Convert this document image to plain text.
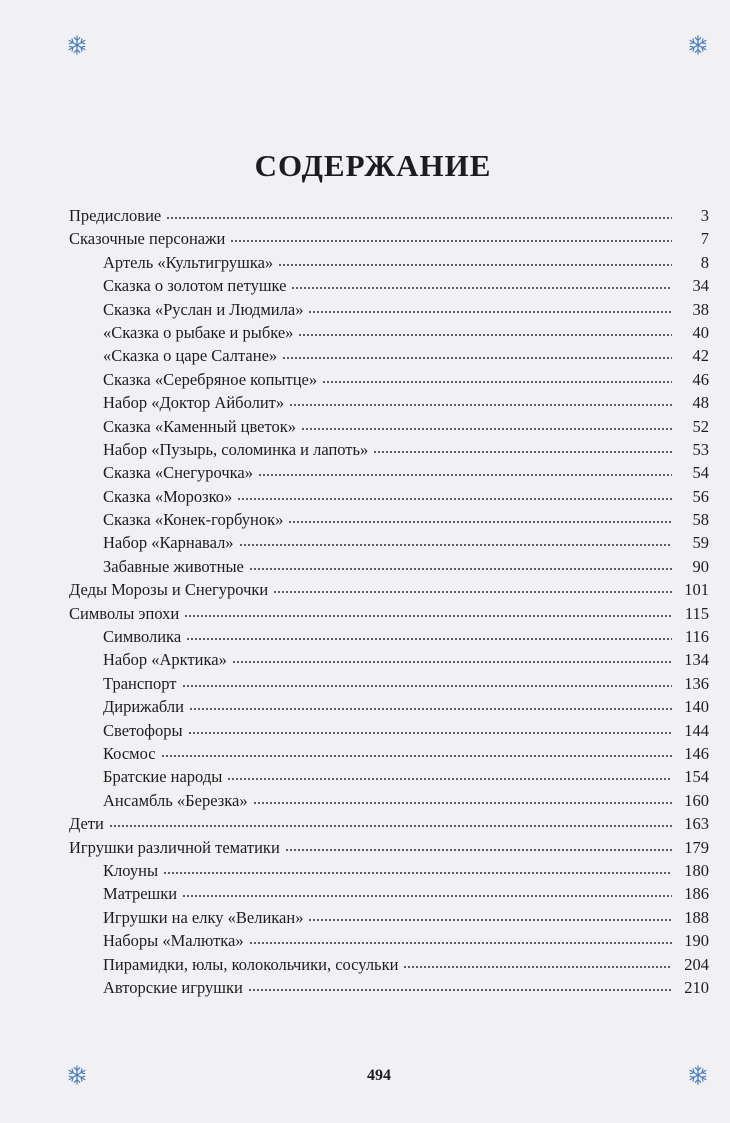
СОДЕРЖАНИЕ
Предисловие	3
Сказочные персонажи	7
Артель «Культигрушка»	8
Сказка о золотом петушке	34
Сказка «Руслан и Людмила»	38
«Сказка о рыбаке и рыбке»	40
«Сказка о царе Салтане»	42
Сказка «Серебряное копытце»	46
Набор «Доктор Айболит»	48
Сказка «Каменный цветок»	52
Набор «Пузырь, соломинка и лапоть»	53
Сказка «Снегурочка»	54
Сказка «Морозко»	56
Сказка «Конек-горбунок»	58
Набор «Карнавал»	59
Забавные животные	90
Деды Морозы и Снегурочки	101
Символы эпохи	115
Символика	116
Набор «Арктика»	134
Транспорт	136
Дирижабли	140
Светофоры	144
Космос	146
Братские народы	154
Ансамбль «Березка»	160
Дети	163
Игрушки различной тематики	179
Клоуны	180
Матрешки	186
Игрушки на елку «Великан»	188
Наборы «Малютка»	190
Пирамидки, юлы, колокольчики, сосульки	204
Авторские игрушки	210
494
